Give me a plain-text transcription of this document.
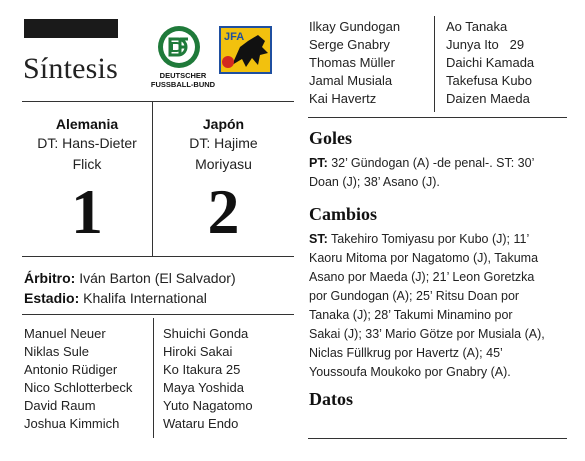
Síntesis	DEUTSCHER
FUSSBALL-BUND
JFA
Alemania
DT: Hans-Dieter
Flick
1
Japón
DT: Hajime
Moriyasu
2
Árbitro: Iván Barton (El Salvador)
Estadio: Khalifa International
Manuel Neuer
Niklas Sule
Antonio Rüdiger
Nico Schlotterbeck
David Raum
Joshua Kimmich
Shuichi Gonda
Hiroki Sakai
Ko Itakura 25
Maya Yoshida
Yuto Nagatomo
Wataru Endo
Ilkay Gundogan
Serge Gnabry
Thomas Müller
Jamal Musiala
Kai Havertz
Ao Tanaka
Junya Ito   29
Daichi Kamada
Takefusa Kubo
Daizen Maeda
Goles
PT: 32’ Gündogan (A) -de penal-. ST: 30’
Doan (J); 38’ Asano (J).
Cambios
ST: Takehiro Tomiyasu por Kubo (J); 11’
Kaoru Mitoma por Nagatomo (J), Takuma
Asano por Maeda (J); 21’ Leon Goretzka
por Gundogan (A); 25’ Ritsu Doan por
Tanaka (J); 28’ Takumi Minamino por
Sakai (J); 33’ Mario Götze por Musiala (A),
Niclas Füllkrug por Havertz (A); 45’
Youssoufa Moukoko por Gnabry (A).
Datos
